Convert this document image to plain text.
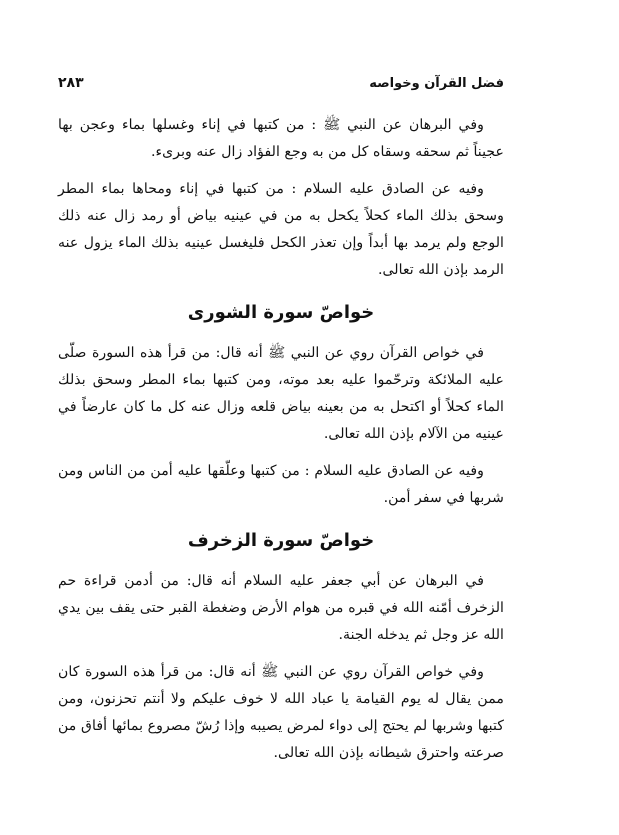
فضل القرآن وخواصه
٢٨٣

وفي البرهان عن النبي ﷺ : من كتبها في إناء وغسلها بماء وعجن بها عجيناً ثم سحقه وسقاه كل من به وجع الفؤاد زال عنه وبرىء.

وفيه عن الصادق عليه السلام : من كتبها في إناء ومحاها بماء المطر وسحق بذلك الماء كحلاً يكحل به من في عينيه بياض أو رمد زال عنه ذلك الوجع ولم يرمد بها أبداً وإن تعذر الكحل فليغسل عينيه بذلك الماء يزول عنه الرمد بإذن الله تعالى.

خواصّ سورة الشورى

في خواص القرآن روي عن النبي ﷺ أنه قال: من قرأ هذه السورة صلّى عليه الملائكة وترحّموا عليه بعد موته، ومن كتبها بماء المطر وسحق بذلك الماء كحلاً أو اكتحل به من بعينه بياض قلعه وزال عنه كل ما كان عارضاً في عينيه من الآلام بإذن الله تعالى.

وفيه عن الصادق عليه السلام : من كتبها وعلّقها عليه أمن من الناس ومن شربها في سفر أمن.

خواصّ سورة الزخرف

في البرهان عن أبي جعفر عليه السلام أنه قال: من أدمن قراءة حم الزخرف أمّنه الله في قبره من هوام الأرض وضغطة القبر حتى يقف بين يدي الله عز وجل ثم يدخله الجنة.

وفي خواص القرآن روي عن النبي ﷺ أنه قال: من قرأ هذه السورة كان ممن يقال له يوم القيامة يا عباد الله لا خوف عليكم ولا أنتم تحزنون، ومن كتبها وشربها لم يحتج إلى دواء لمرض يصيبه وإذا رُشّ مصروع بمائها أفاق من صرعته واحترق شيطانه بإذن الله تعالى.
